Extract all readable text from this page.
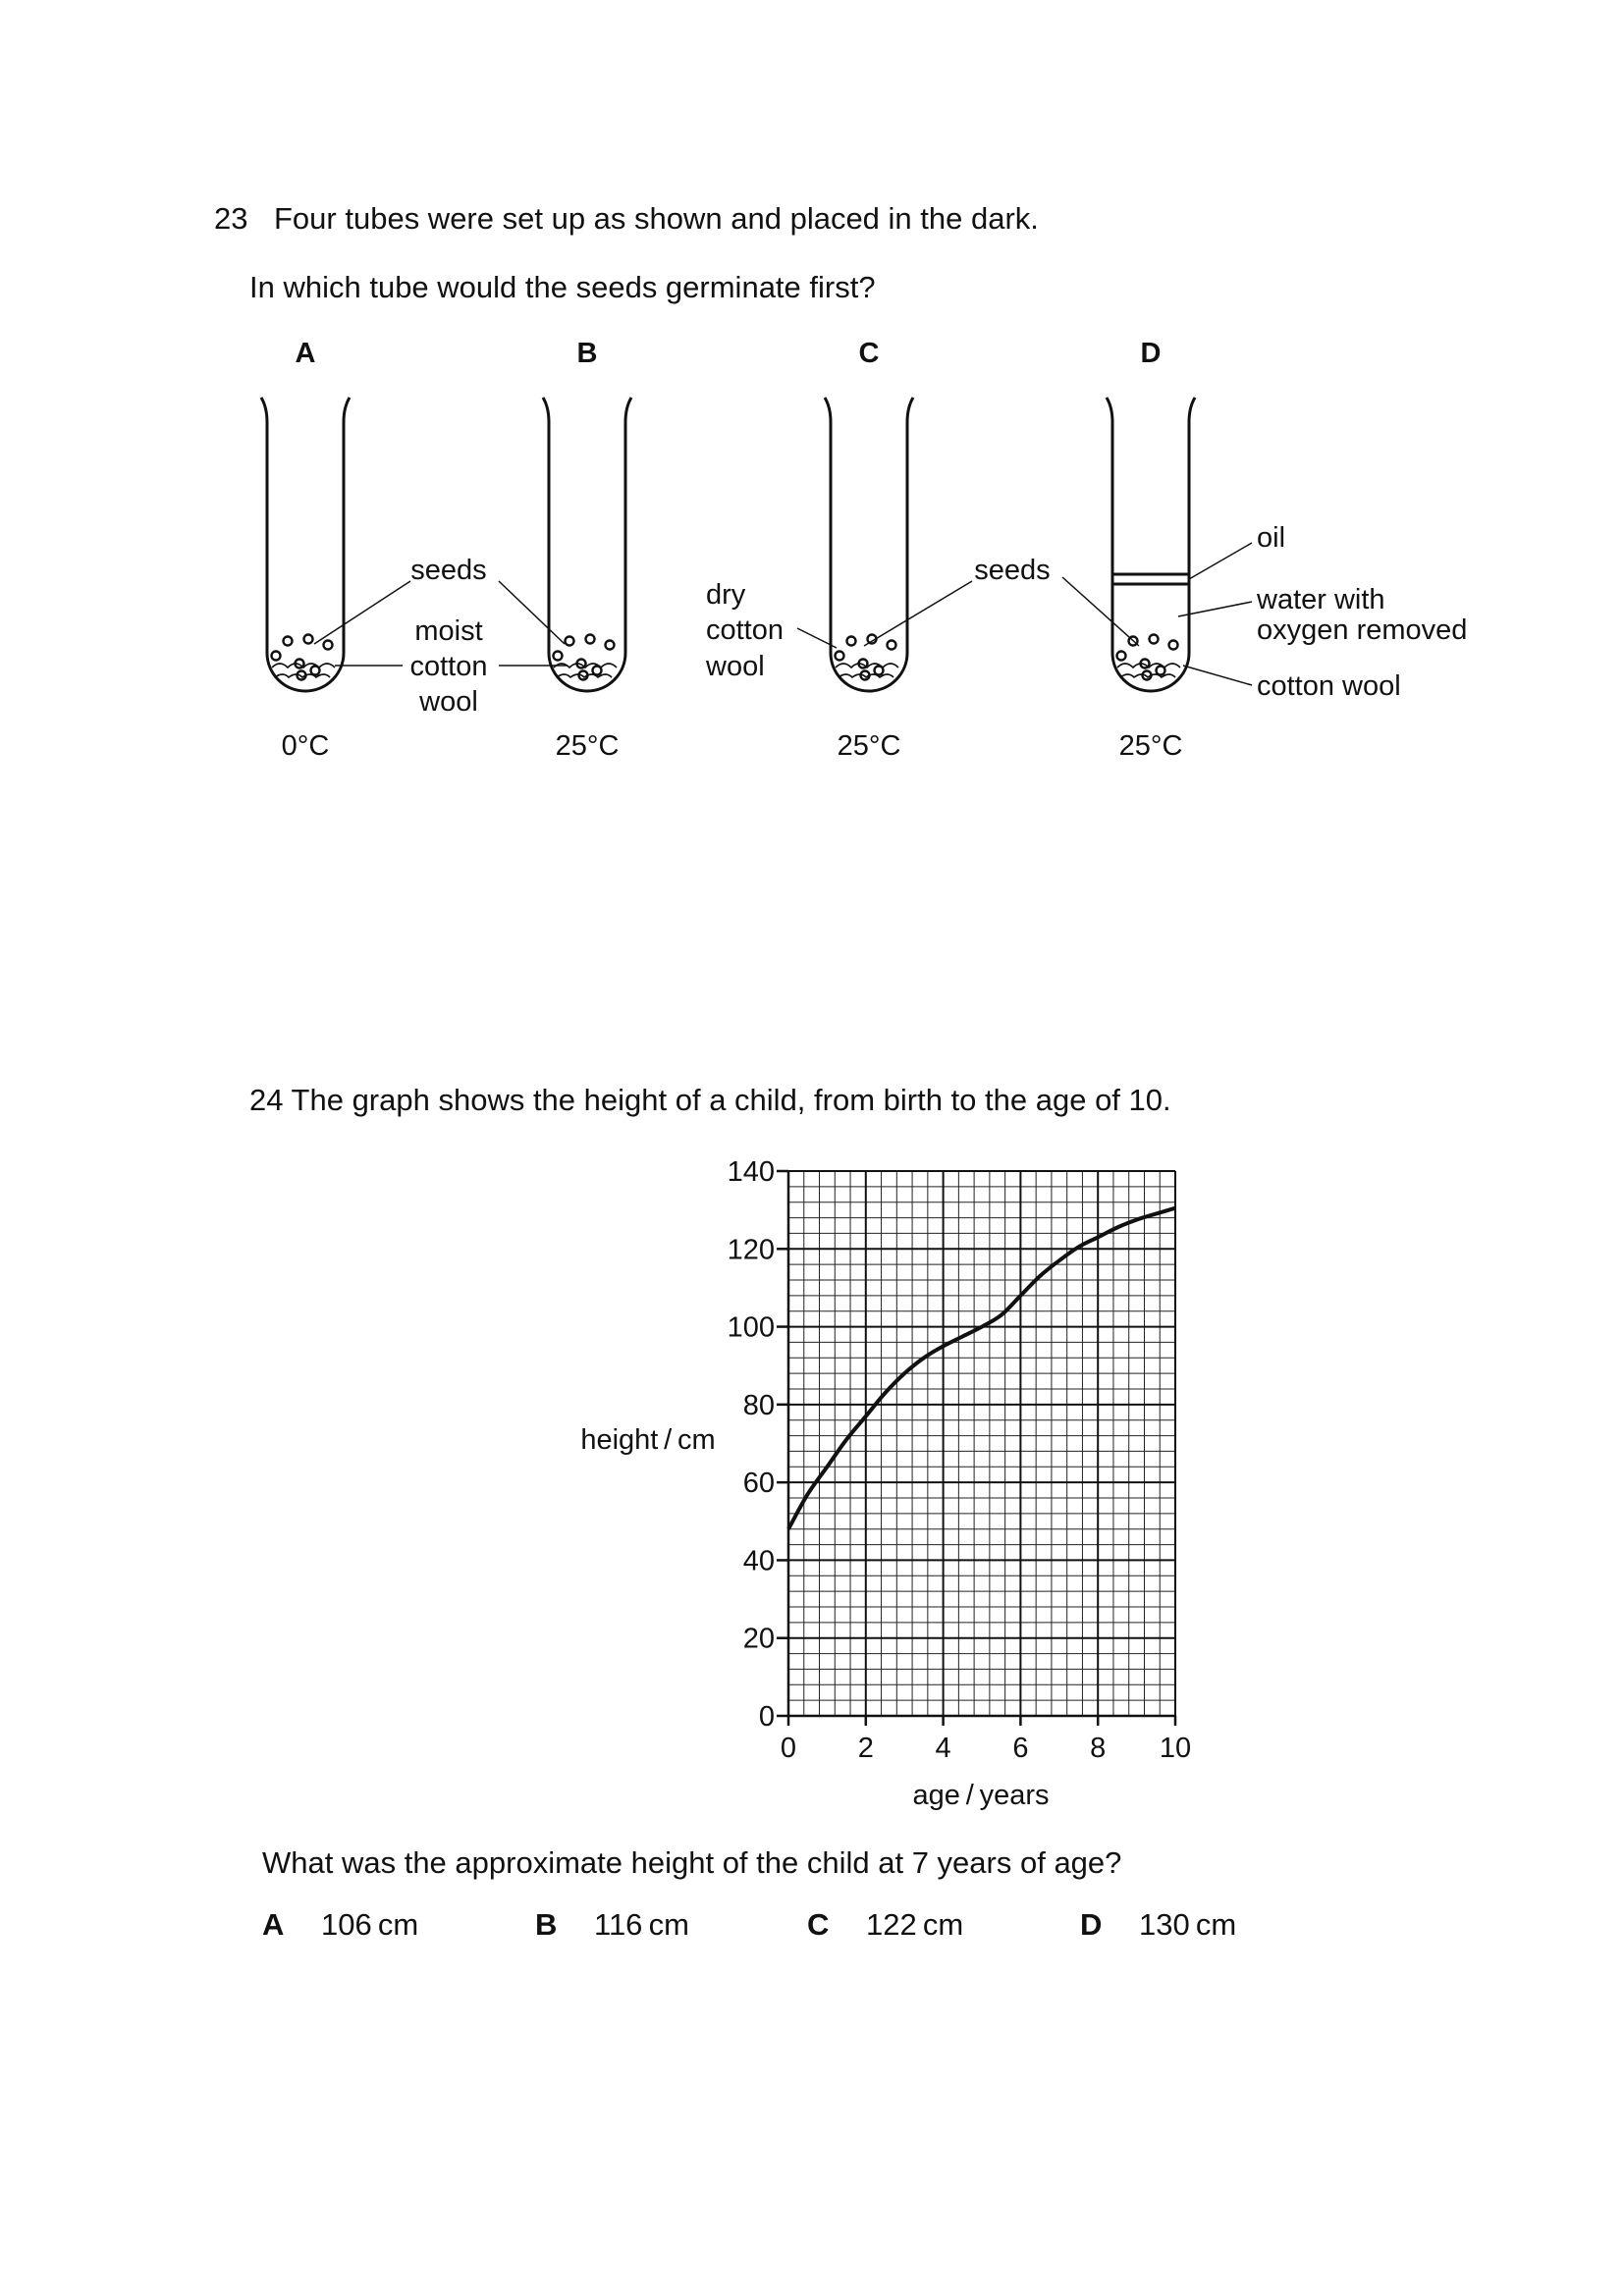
23 Four tubes were set up as shown and placed in the dark.
In which tube would the seeds germinate first?
A	B	C	D
0°C	25°C	25°C	25°C
seeds
moist
cotton
wool
dry
cotton
wool
seeds
oil
water with
oxygen removed
cotton wool
24 The graph shows the height of a child, from birth to the age of 10.
0
20
40
60
80
100
120
140
0 2 4 6 8 10
height / cm
age / years
What was the approximate height of the child at 7 years of age?
A 106 cm	B 116 cm	C 122 cm	D 130 cm
